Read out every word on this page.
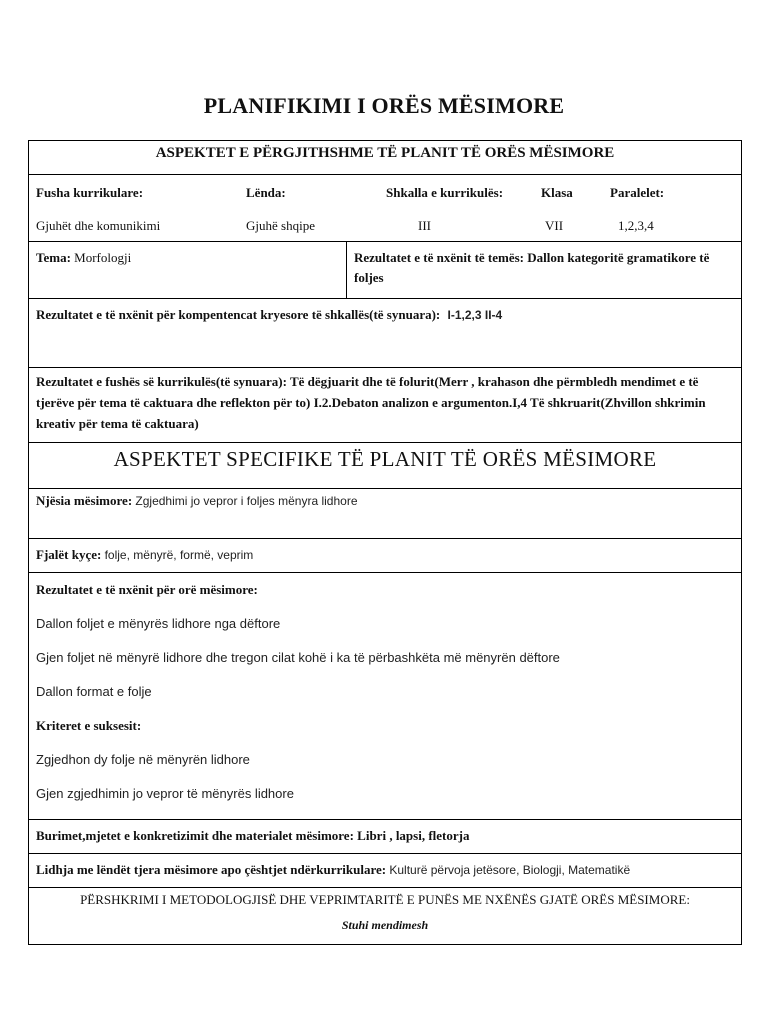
PLANIFIKIMI I ORËS MËSIMORE
ASPEKTET E PËRGJITHSHME TË PLANIT TË ORËS MËSIMORE
Fusha kurrikulare:
Gjuhët dhe komunikimi
Lënda:
Gjuhë shqipe
Shkalla e kurrikulës:
III
Klasa
VII
Paralelet:
1,2,3,4
Tema: Morfologji	Rezultatet e të nxënit të temës: Dallon kategoritë gramatikore të foljes
Rezultatet e të nxënit për kompentencat kryesore të shkallës(të synuara): I-1,2,3 II-4
Rezultatet e fushës së kurrikulës(të synuara): Të dëgjuarit dhe të folurit(Merr , krahason dhe përmbledh mendimet e të tjerëve për tema të caktuara dhe reflekton për to) I.2.Debaton analizon e argumenton.I,4 Të shkruarit(Zhvillon shkrimin kreativ për tema të caktuara)
ASPEKTET SPECIFIKE TË PLANIT TË ORËS MËSIMORE
Njësia mësimore: Zgjedhimi jo vepror i foljes mënyra lidhore
Fjalët kyçe: folje, mënyrë, formë, veprim
Rezultatet e të nxënit për orë mësimore:
Dallon foljet e mënyrës lidhore nga dëftore
Gjen foljet në mënyrë lidhore dhe tregon cilat kohë i ka të përbashkëta më mënyrën dëftore
Dallon format e folje
Kriteret e suksesit:
Zgjedhon dy folje në mënyrën lidhore
Gjen zgjedhimin jo vepror të mënyrës lidhore
Burimet,mjetet e konkretizimit dhe materialet mësimore: Libri , lapsi, fletorja
Lidhja me lëndët tjera mësimore apo çështjet ndërkurrikulare: Kulturë përvoja jetësore, Biologji, Matematikë
PËRSHKRIMI I METODOLOGJISË DHE VEPRIMTARITË E PUNËS ME NXËNËS GJATË ORËS MËSIMORE:
Stuhi mendimesh
